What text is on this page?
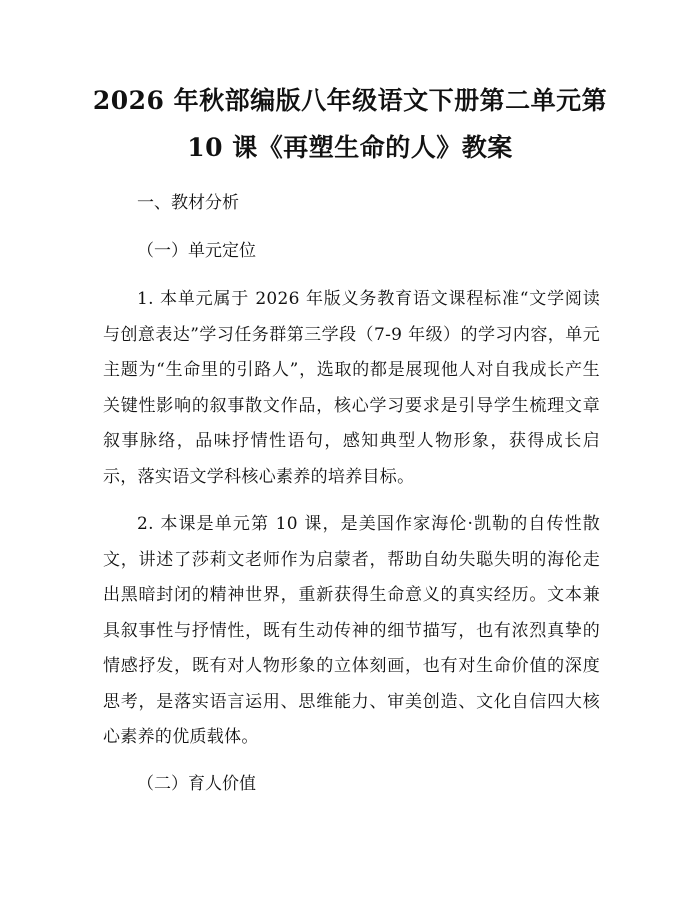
2026 年秋部编版八年级语文下册第二单元第
10 课《再塑生命的人》教案

一、教材分析

（一）单元定位

1. 本单元属于 2026 年版义务教育语文课程标准“文学阅读与创意表达”学习任务群第三学段（7-9 年级）的学习内容，单元主题为“生命里的引路人”，选取的都是展现他人对自我成长产生关键性影响的叙事散文作品，核心学习要求是引导学生梳理文章叙事脉络，品味抒情性语句，感知典型人物形象，获得成长启示，落实语文学科核心素养的培养目标。

2. 本课是单元第 10 课，是美国作家海伦·凯勒的自传性散文，讲述了莎莉文老师作为启蒙者，帮助自幼失聪失明的海伦走出黑暗封闭的精神世界，重新获得生命意义的真实经历。文本兼具叙事性与抒情性，既有生动传神的细节描写，也有浓烈真挚的情感抒发，既有对人物形象的立体刻画，也有对生命价值的深度思考，是落实语言运用、思维能力、审美创造、文化自信四大核心素养的优质载体。

（二）育人价值
